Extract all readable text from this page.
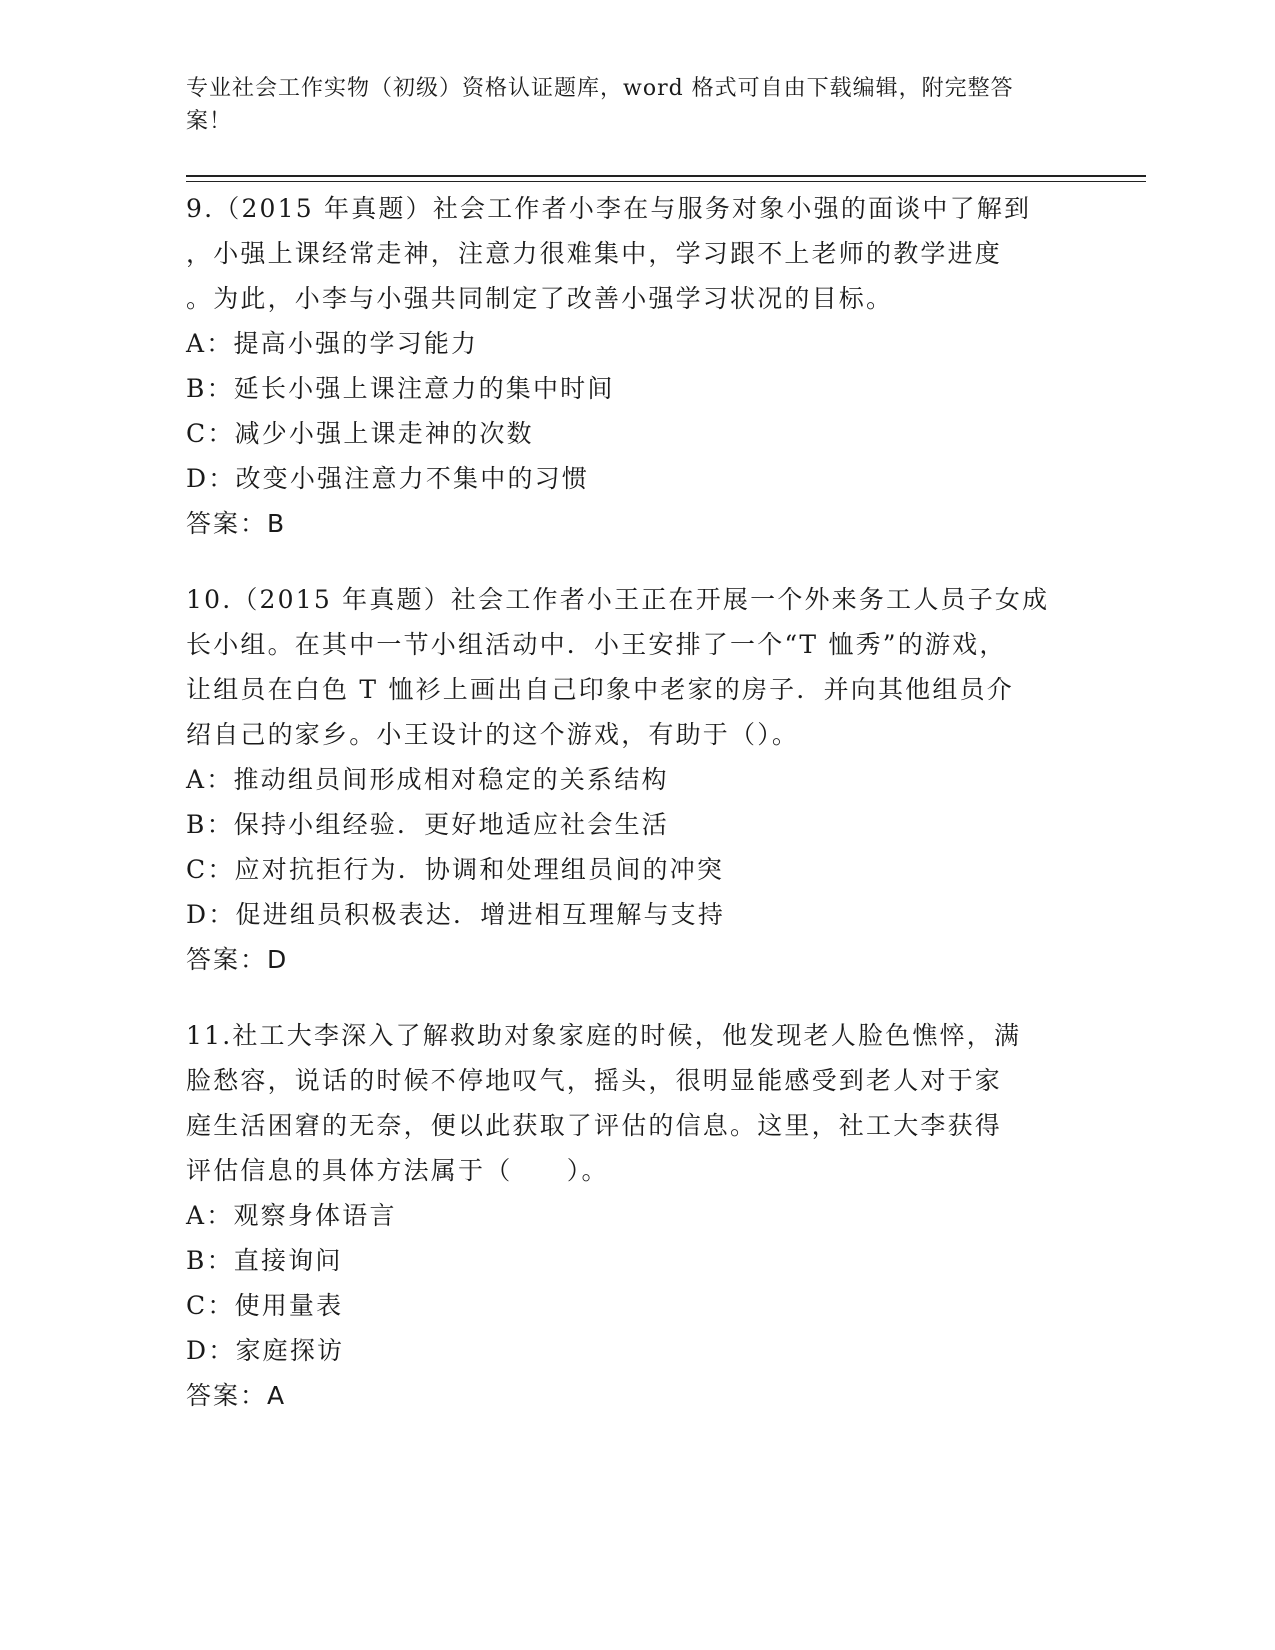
专业社会工作实物（初级）资格认证题库，word 格式可自由下载编辑，附完整答
案！
9.（2015 年真题）社会工作者小李在与服务对象小强的面谈中了解到
，小强上课经常走神，注意力很难集中，学习跟不上老师的教学进度
。为此，小李与小强共同制定了改善小强学习状况的目标。
A：提高小强的学习能力
B：延长小强上课注意力的集中时间
C：减少小强上课走神的次数
D：改变小强注意力不集中的习惯
答案：B
10.（2015 年真题）社会工作者小王正在开展一个外来务工人员子女成
长小组。在其中一节小组活动中．小王安排了一个“T 恤秀”的游戏，
让组员在白色 T 恤衫上画出自己印象中老家的房子．并向其他组员介
绍自己的家乡。小王设计的这个游戏，有助于（）。
A：推动组员间形成相对稳定的关系结构
B：保持小组经验．更好地适应社会生活
C：应对抗拒行为．协调和处理组员间的冲突
D：促进组员积极表达．增进相互理解与支持
答案：D
11.社工大李深入了解救助对象家庭的时候，他发现老人脸色憔悴，满
脸愁容，说话的时候不停地叹气，摇头，很明显能感受到老人对于家
庭生活困窘的无奈，便以此获取了评估的信息。这里，社工大李获得
评估信息的具体方法属于（　　）。
A：观察身体语言
B：直接询问
C：使用量表
D：家庭探访
答案：A
